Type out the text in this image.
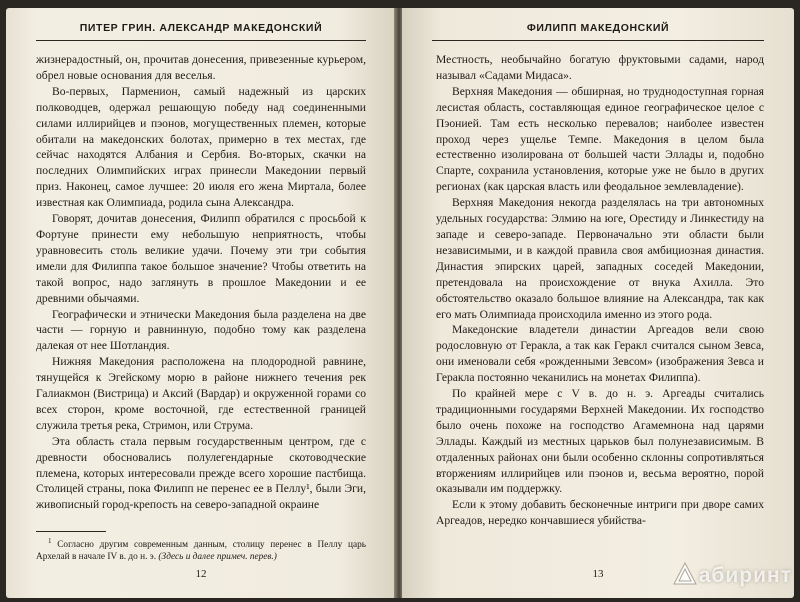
ПИТЕР ГРИН. АЛЕКСАНДР МАКЕДОНСКИЙ

жизнерадостный, он, прочитав донесения, привезенные курьером, обрел новые основания для веселья.

Во-первых, Парменион, самый надежный из царских полководцев, одержал решающую победу над соединенными силами иллирийцев и пэонов, могущественных племен, которые обитали на македонских болотах, примерно в тех местах, где сейчас находятся Албания и Сербия. Во-вторых, скачки на последних Олимпийских играх принесли Македонии первый приз. Наконец, самое лучшее: 20 июля его жена Миртала, более известная как Олимпиада, родила сына Александра.

Говорят, дочитав донесения, Филипп обратился с просьбой к Фортуне принести ему небольшую неприятность, чтобы уравновесить столь великие удачи. Почему эти три события имели для Филиппа такое большое значение? Чтобы ответить на такой вопрос, надо заглянуть в прошлое Македонии и ее древними обычаями.

Географически и этнически Македония была разделена на две части — горную и равнинную, подобно тому как разделена далекая от нее Шотландия.

Нижняя Македония расположена на плодородной равнине, тянущейся к Эгейскому морю в районе нижнего течения рек Галиакмон (Вистрица) и Аксий (Вардар) и окруженной горами со всех сторон, кроме восточной, где естественной границей служила третья река, Стримон, или Струма.

Эта область стала первым государственным центром, где с древности обосновались полулегендарные скотоводческие племена, которых интересовали прежде всего хорошие пастбища. Столицей страны, пока Филипп не перенес ее в Пеллу¹, были Эги, живописный город-крепость на северо-западной окраине

$^1$ Согласно другим современным данным, столицу перенес в Пеллу царь Архелай в начале IV в. до н. э. (Здесь и далее примеч. перев.)
12
ФИЛИПП МАКЕДОНСКИЙ

Местность, необычайно богатую фруктовыми садами, народ называл «Садами Мидаса».

Верхняя Македония — обширная, но труднодоступная горная лесистая область, составляющая единое географическое целое с Пэонией. Там есть несколько перевалов; наиболее известен проход через ущелье Темпе. Македония в целом была естественно изолирована от большей части Эллады и, подобно Спарте, сохранила установления, которые уже не было в других регионах (как царская власть или феодальное землевладение).

Верхняя Македония некогда разделялась на три автономных удельных государства: Элмию на юге, Орестиду и Линкестиду на западе и северо-западе. Первоначально эти области были независимыми, и в каждой правила своя амбициозная династия. Династия эпирских царей, западных соседей Македонии, претендовала на происхождение от внука Ахилла. Это обстоятельство оказало большое влияние на Александра, так как его мать Олимпиада происходила именно из этого рода.

Македонские владетели династии Аргеадов вели свою родословную от Геракла, а так как Геракл считался сыном Зевса, они именовали себя «рожденными Зевсом» (изображения Зевса и Геракла постоянно чеканились на монетах Филиппа).

По крайней мере с V в. до н. э. Аргеады считались традиционными государями Верхней Македонии. Их господство было очень похоже на господство Агамемнона над царями Эллады. Каждый из местных царьков был полунезависимым. В отдаленных районах они были особенно склонны сопротивляться вторжениям иллирийцев или пэонов и, весьма вероятно, порой оказывали им поддержку.

Если к этому добавить бесконечные интриги при дворе самих Аргеадов, нередко кончавшиеся убийства-

13	абиринт
